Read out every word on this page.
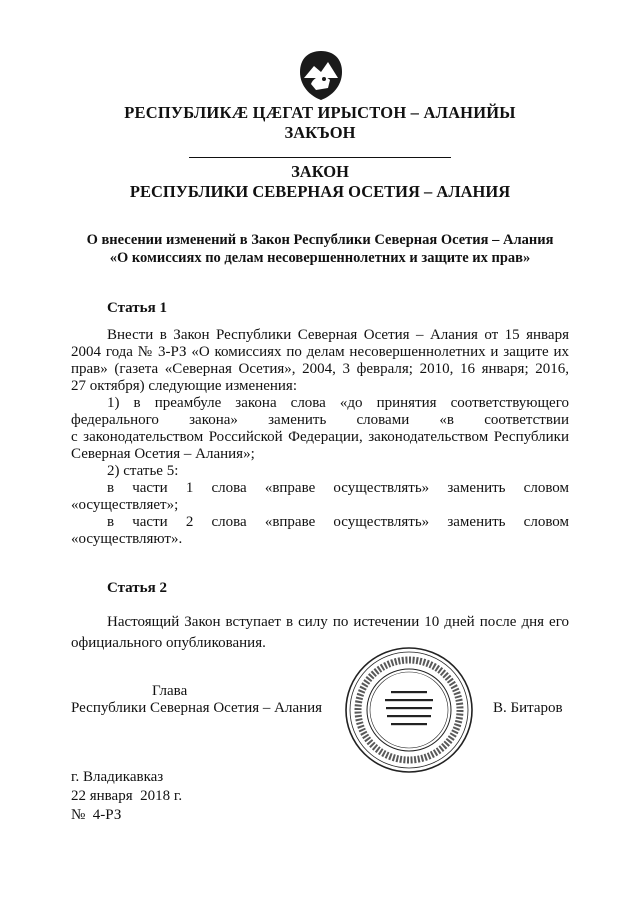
РЕСПУБЛИКӔ ЦӔГАТ ИРЫСТОН – АЛАНИЙЫ
ЗАКЪОН
ЗАКОН
РЕСПУБЛИКИ СЕВЕРНАЯ ОСЕТИЯ – АЛАНИЯ
О внесении изменений в Закон Республики Северная Осетия – Алания
«О комиссиях по делам несовершеннолетних и защите их прав»
Статья 1

Внести в Закон Республики Северная Осетия – Алания от 15 января

2004 года № 3-РЗ «О комиссиях по делам несовершеннолетних и защите их

прав» (газета «Северная Осетия», 2004, 3 февраля; 2010, 16 января; 2016,

27 октября) следующие изменения:

1) в преамбуле закона слова «до принятия соответствующего

федерального закона» заменить словами «в соответствии

с законодательством Российской Федерации, законодательством Республики

Северная Осетия – Алания»;

2) статье 5:

в части 1 слова «вправе осуществлять» заменить словом

«осуществляет»;

в части 2 слова «вправе осуществлять» заменить словом

«осуществляют».

Статья 2

Настоящий Закон вступает в силу по истечении 10 дней после дня его

официального опубликования.

Глава
Республики Северная Осетия – Алания	В. Битаров
г. Владикавказ
22 января  2018 г.
№  4-РЗ
